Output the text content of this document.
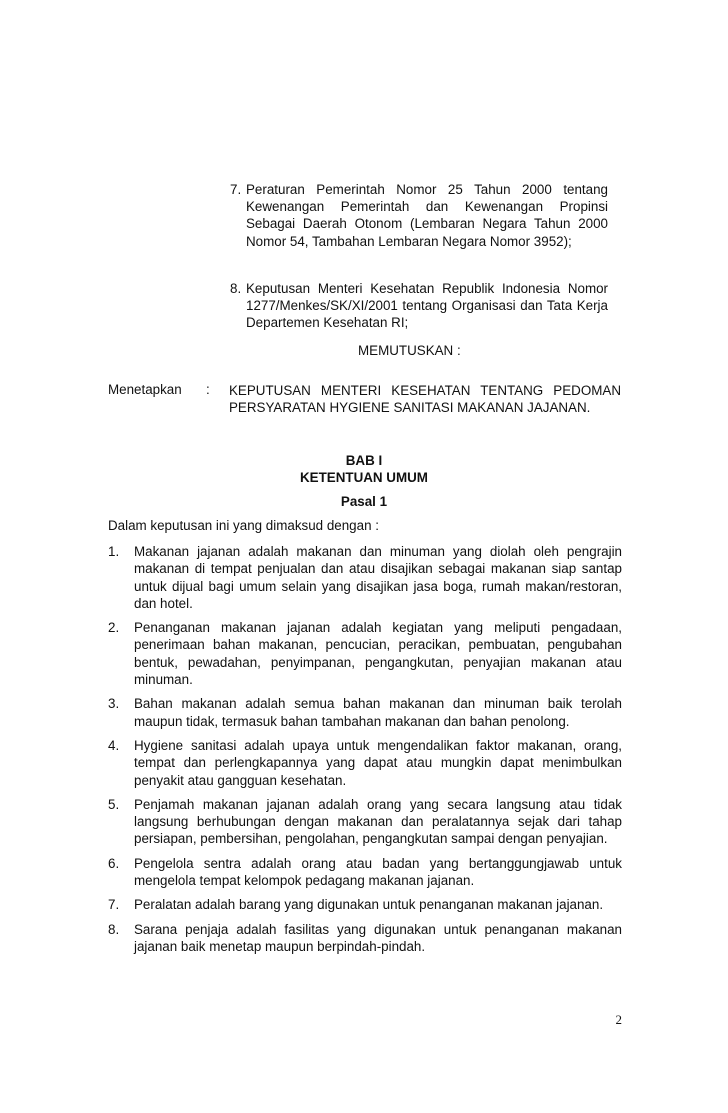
7. Peraturan Pemerintah Nomor 25 Tahun 2000 tentang Kewenangan Pemerintah dan Kewenangan Propinsi Sebagai Daerah Otonom (Lembaran Negara Tahun 2000 Nomor 54, Tambahan Lembaran Negara Nomor 3952);
8. Keputusan Menteri Kesehatan Republik Indonesia Nomor 1277/Menkes/SK/XI/2001 tentang Organisasi dan Tata Kerja Departemen Kesehatan RI;
MEMUTUSKAN :
Menetapkan : KEPUTUSAN MENTERI KESEHATAN TENTANG PEDOMAN PERSYARATAN HYGIENE SANITASI MAKANAN JAJANAN.
BAB I
KETENTUAN UMUM
Pasal 1
Dalam keputusan ini yang dimaksud dengan :
1.	Makanan jajanan adalah makanan dan minuman yang diolah oleh pengrajin makanan di tempat penjualan dan atau disajikan sebagai makanan siap santap untuk dijual bagi umum selain yang disajikan jasa boga, rumah makan/restoran, dan hotel.
2.	Penanganan makanan jajanan adalah kegiatan yang meliputi pengadaan, penerimaan bahan makanan, pencucian, peracikan, pembuatan, pengubahan bentuk, pewadahan, penyimpanan, pengangkutan, penyajian makanan atau minuman.
3.	Bahan makanan adalah semua bahan makanan dan minuman baik terolah maupun tidak, termasuk bahan tambahan makanan dan bahan penolong.
4.	Hygiene sanitasi adalah upaya untuk mengendalikan faktor makanan, orang, tempat dan perlengkapannya yang dapat atau mungkin dapat menimbulkan penyakit atau gangguan kesehatan.
5.	Penjamah makanan jajanan adalah orang yang secara langsung atau tidak langsung berhubungan dengan makanan dan peralatannya sejak dari tahap persiapan, pembersihan, pengolahan, pengangkutan sampai dengan penyajian.
6.	Pengelola sentra adalah orang atau badan yang bertanggungjawab untuk mengelola tempat kelompok pedagang makanan jajanan.
7.	Peralatan adalah barang yang digunakan untuk penanganan makanan jajanan.
8.	Sarana penjaja adalah fasilitas yang digunakan untuk penanganan makanan jajanan baik menetap maupun berpindah-pindah.
2
